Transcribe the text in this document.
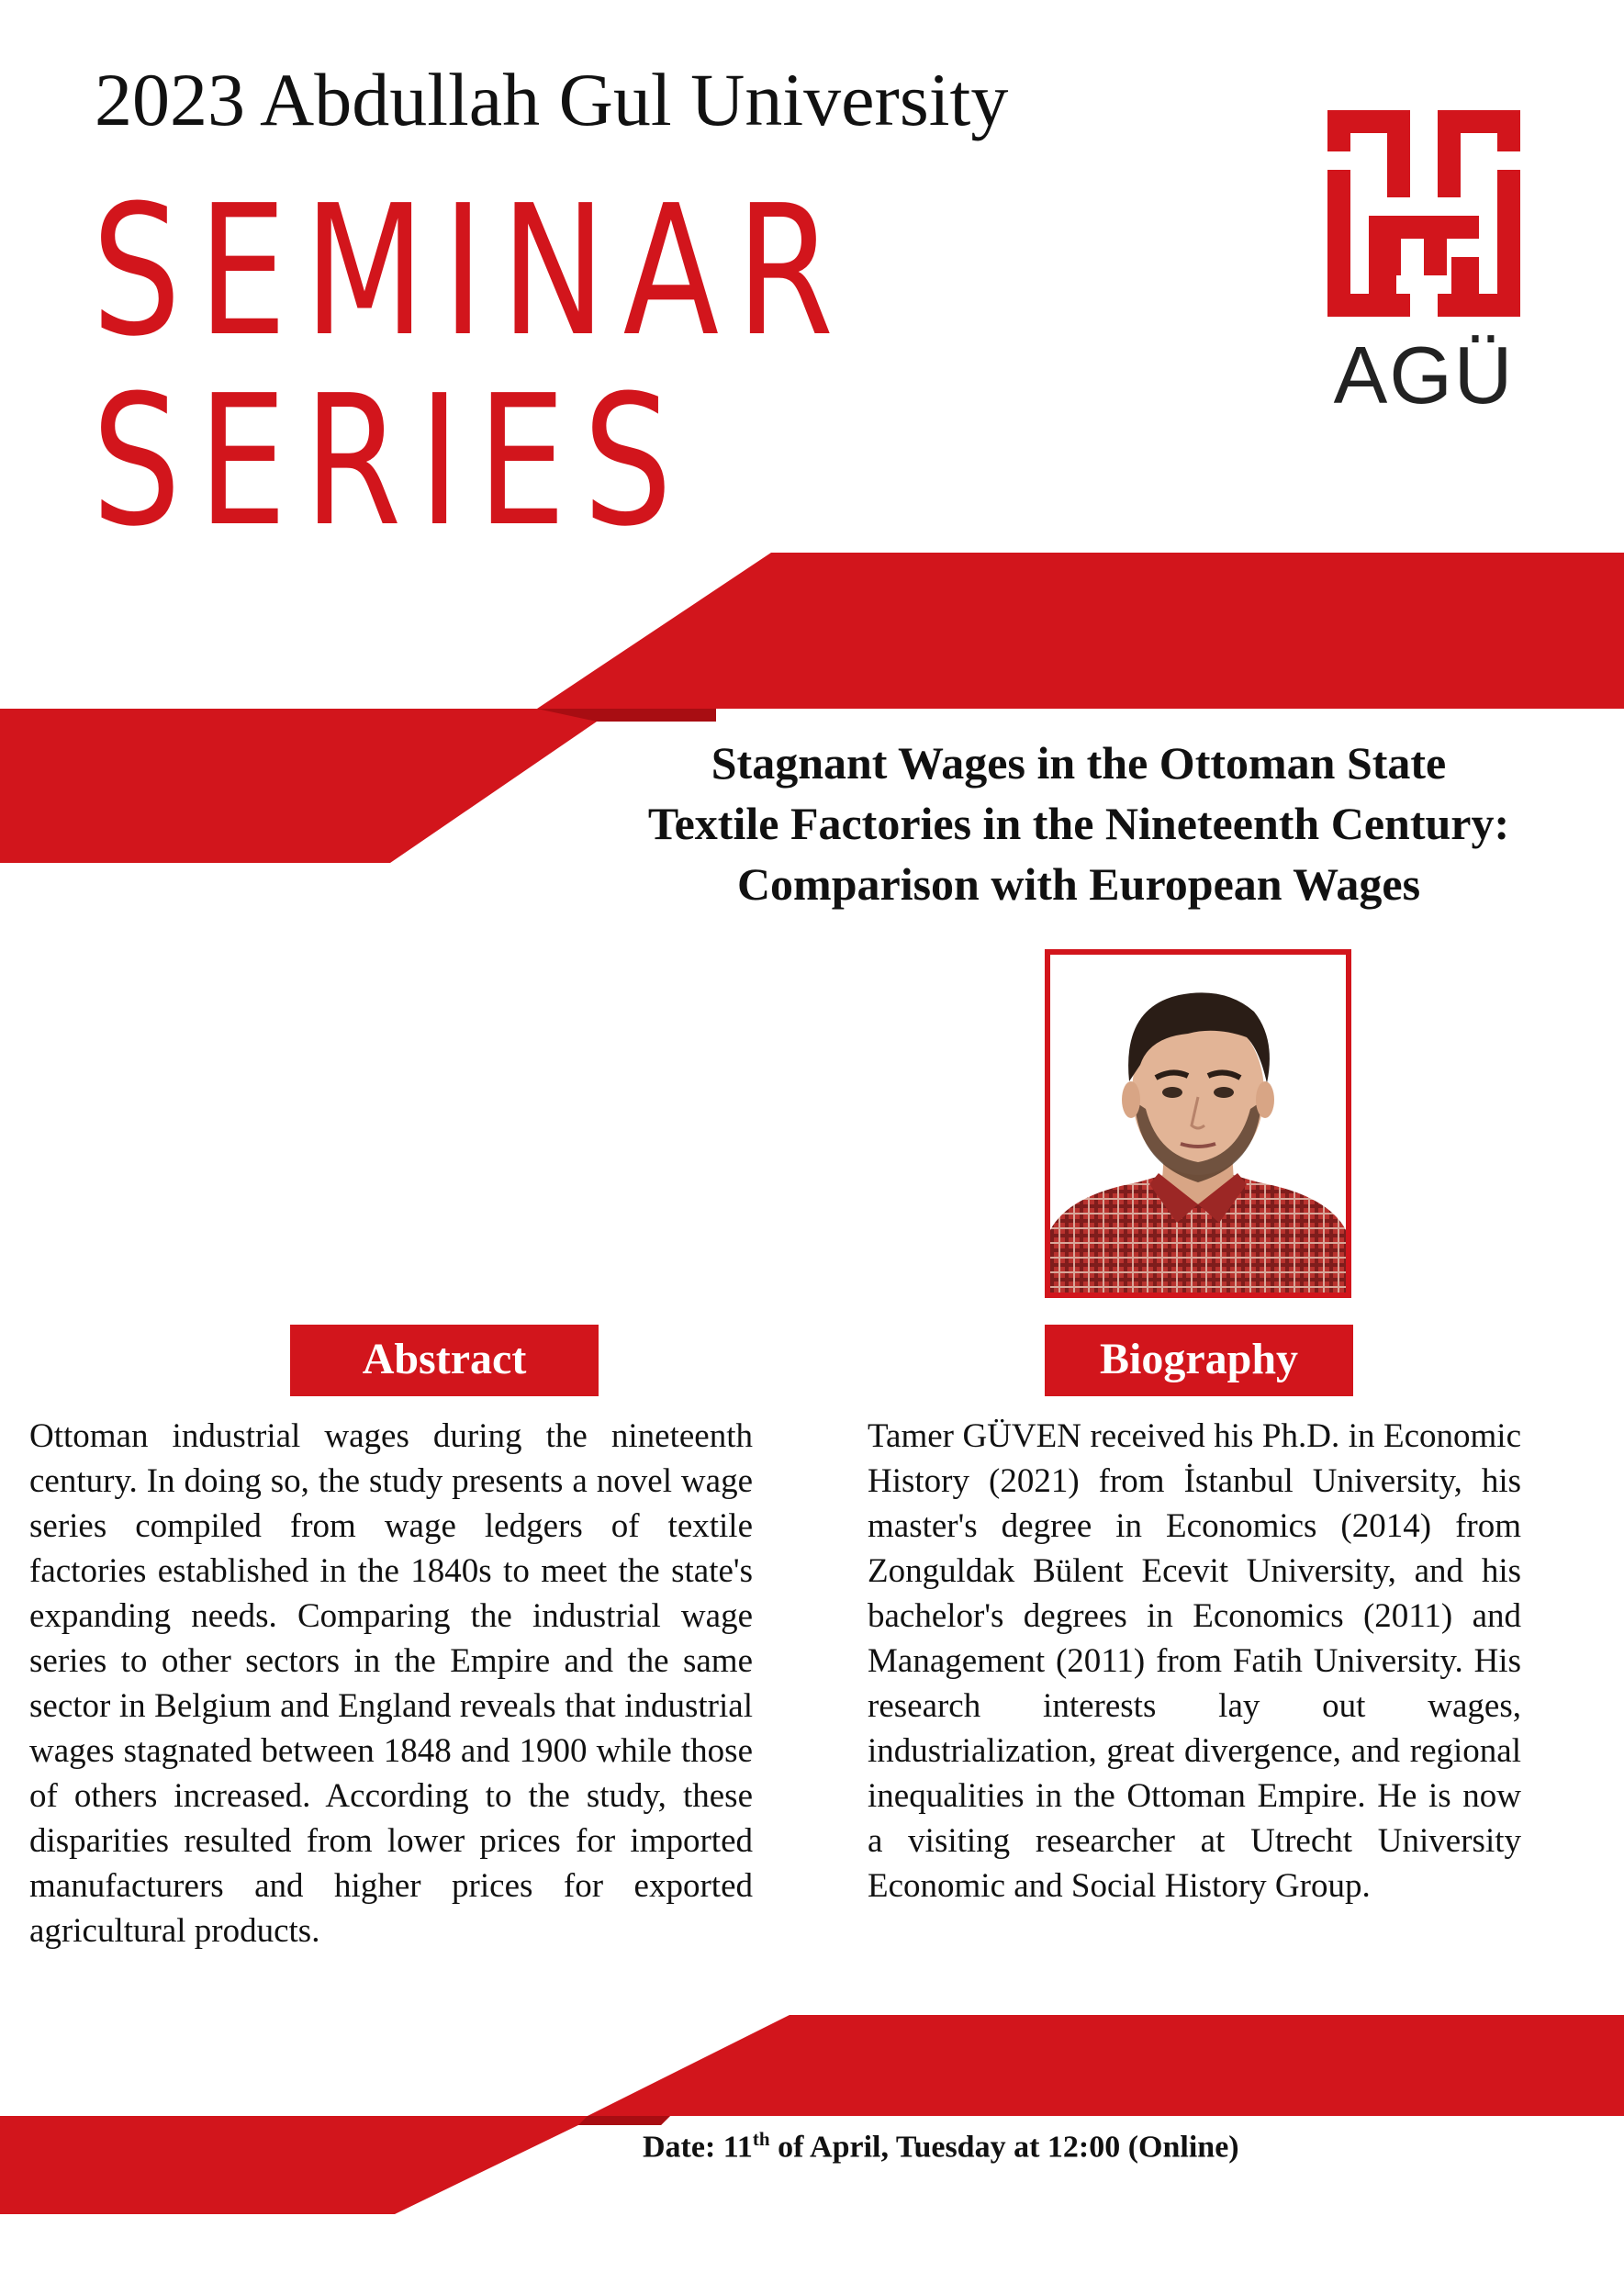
2023 Abdullah Gul University
SEMINAR
SERIES	AGÜ
Stagnant Wages in the Ottoman State
Textile Factories in the Nineteenth Century:
Comparison with European Wages
Abstract	Biography
Ottoman industrial wages during the nineteenth century. In doing so, the study presents a novel wage series compiled from wage ledgers of textile factories established in the 1840s to meet the state's expanding needs. Comparing the industrial wage series to other sectors in the Empire and the same sector in Belgium and England reveals that industrial wages stagnated between 1848 and 1900 while those of others increased. According to the study, these disparities resulted from lower prices for imported manufacturers and higher prices for exported agricultural products.
Tamer GÜVEN received his Ph.D. in Economic History (2021) from İstanbul University, his master's degree in Economics (2014) from Zonguldak Bülent Ecevit University, and his bachelor's degrees in Economics (2011) and Management (2011) from Fatih University. His research interests lay out wages, industrialization, great divergence, and regional inequalities in the Ottoman Empire. He is now a visiting researcher at Utrecht University Economic and Social History Group.
Date: 11th of April, Tuesday at 12:00 (Online)
